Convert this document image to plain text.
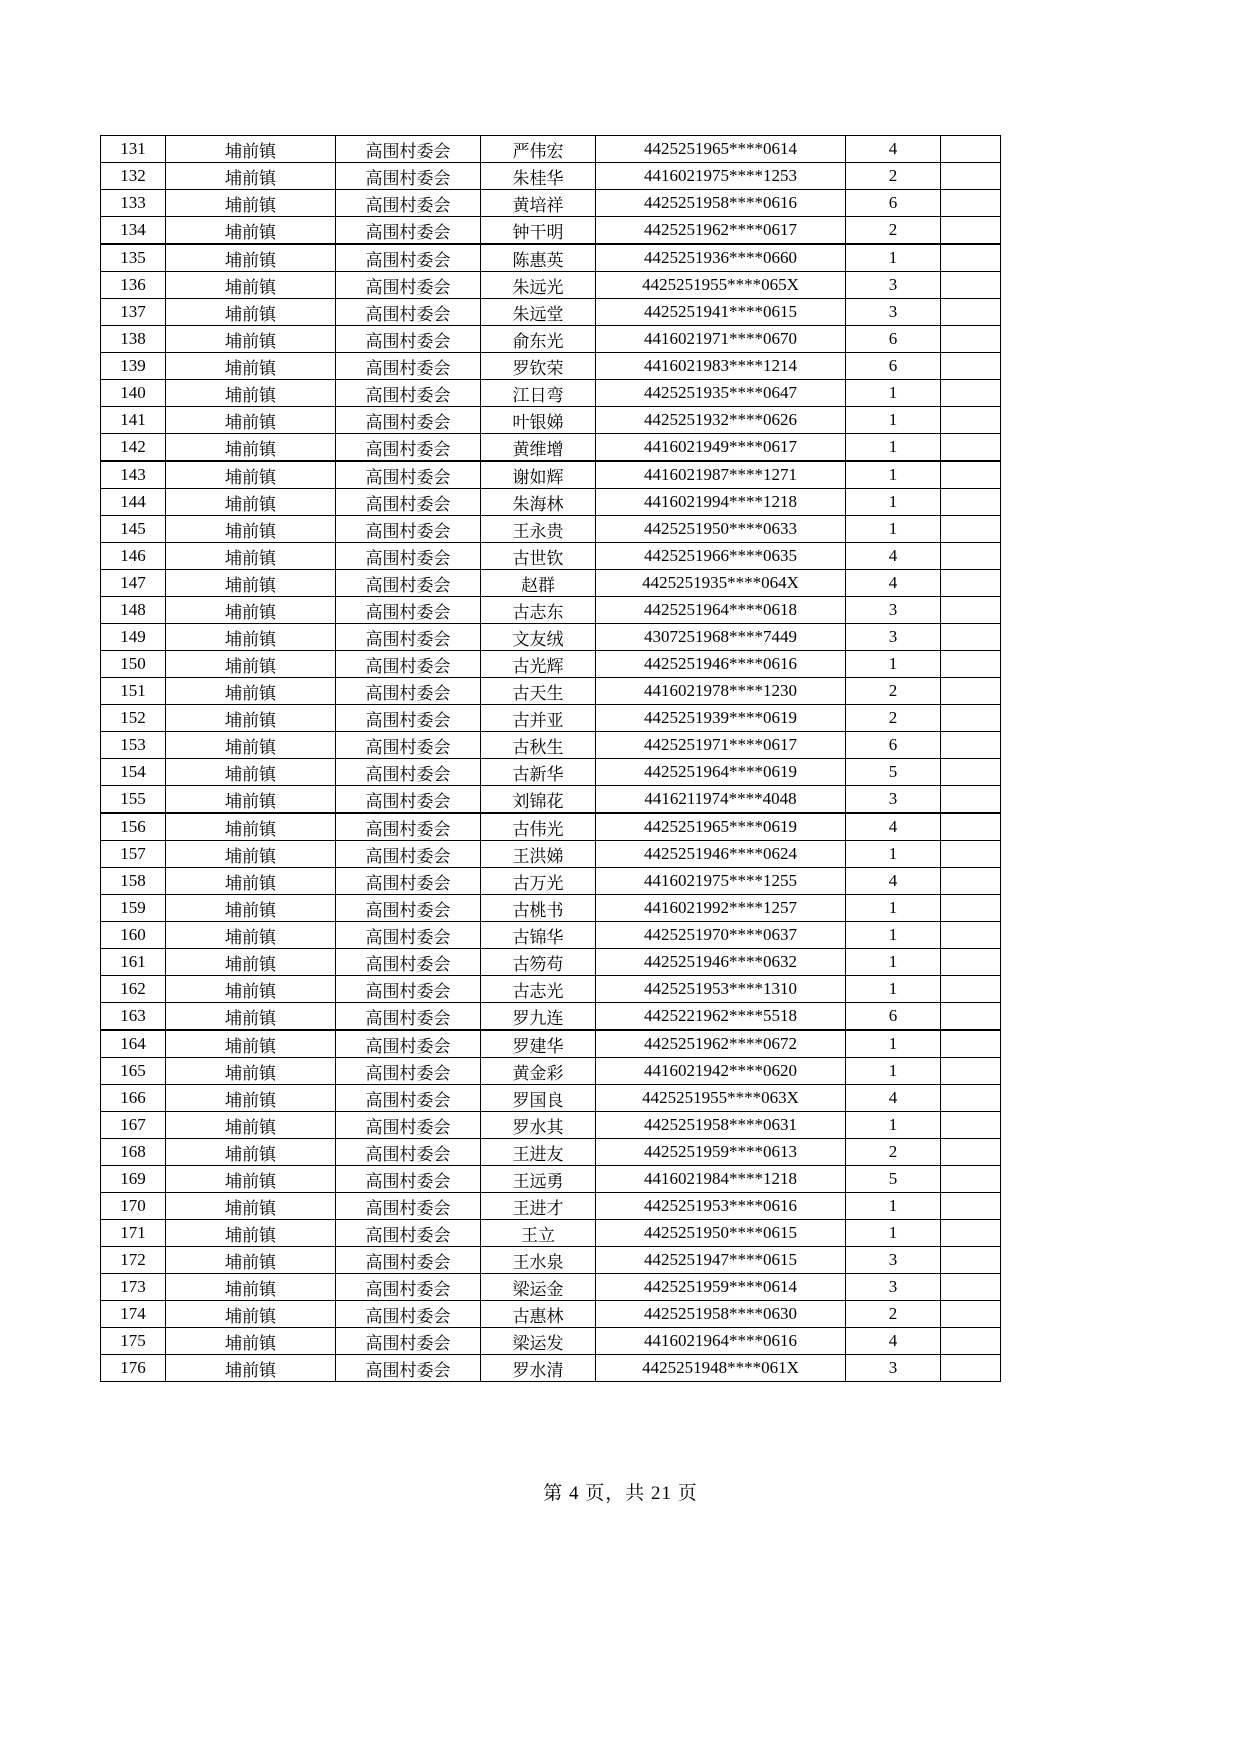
131	埔前镇	高围村委会	严伟宏	4425251965****0614	4	
132	埔前镇	高围村委会	朱桂华	4416021975****1253	2	
133	埔前镇	高围村委会	黄培祥	4425251958****0616	6	
134	埔前镇	高围村委会	钟干明	4425251962****0617	2	
135	埔前镇	高围村委会	陈惠英	4425251936****0660	1	
136	埔前镇	高围村委会	朱远光	4425251955****065X	3	
137	埔前镇	高围村委会	朱远堂	4425251941****0615	3	
138	埔前镇	高围村委会	俞东光	4416021971****0670	6	
139	埔前镇	高围村委会	罗钦荣	4416021983****1214	6	
140	埔前镇	高围村委会	江日弯	4425251935****0647	1	
141	埔前镇	高围村委会	叶银娣	4425251932****0626	1	
142	埔前镇	高围村委会	黄维增	4416021949****0617	1	
143	埔前镇	高围村委会	谢如辉	4416021987****1271	1	
144	埔前镇	高围村委会	朱海林	4416021994****1218	1	
145	埔前镇	高围村委会	王永贵	4425251950****0633	1	
146	埔前镇	高围村委会	古世钦	4425251966****0635	4	
147	埔前镇	高围村委会	赵群	4425251935****064X	4	
148	埔前镇	高围村委会	古志东	4425251964****0618	3	
149	埔前镇	高围村委会	文友绒	4307251968****7449	3	
150	埔前镇	高围村委会	古光辉	4425251946****0616	1	
151	埔前镇	高围村委会	古天生	4416021978****1230	2	
152	埔前镇	高围村委会	古并亚	4425251939****0619	2	
153	埔前镇	高围村委会	古秋生	4425251971****0617	6	
154	埔前镇	高围村委会	古新华	4425251964****0619	5	
155	埔前镇	高围村委会	刘锦花	4416211974****4048	3	
156	埔前镇	高围村委会	古伟光	4425251965****0619	4	
157	埔前镇	高围村委会	王洪娣	4425251946****0624	1	
158	埔前镇	高围村委会	古万光	4416021975****1255	4	
159	埔前镇	高围村委会	古桃书	4416021992****1257	1	
160	埔前镇	高围村委会	古锦华	4425251970****0637	1	
161	埔前镇	高围村委会	古笏苟	4425251946****0632	1	
162	埔前镇	高围村委会	古志光	4425251953****1310	1	
163	埔前镇	高围村委会	罗九连	4425221962****5518	6	
164	埔前镇	高围村委会	罗建华	4425251962****0672	1	
165	埔前镇	高围村委会	黄金彩	4416021942****0620	1	
166	埔前镇	高围村委会	罗国良	4425251955****063X	4	
167	埔前镇	高围村委会	罗水其	4425251958****0631	1	
168	埔前镇	高围村委会	王进友	4425251959****0613	2	
169	埔前镇	高围村委会	王远勇	4416021984****1218	5	
170	埔前镇	高围村委会	王进才	4425251953****0616	1	
171	埔前镇	高围村委会	王立	4425251950****0615	1	
172	埔前镇	高围村委会	王水泉	4425251947****0615	3	
173	埔前镇	高围村委会	梁运金	4425251959****0614	3	
174	埔前镇	高围村委会	古惠林	4425251958****0630	2	
175	埔前镇	高围村委会	梁运发	4416021964****0616	4	
176	埔前镇	高围村委会	罗水清	4425251948****061X	3	
第 4 页，共 21 页
